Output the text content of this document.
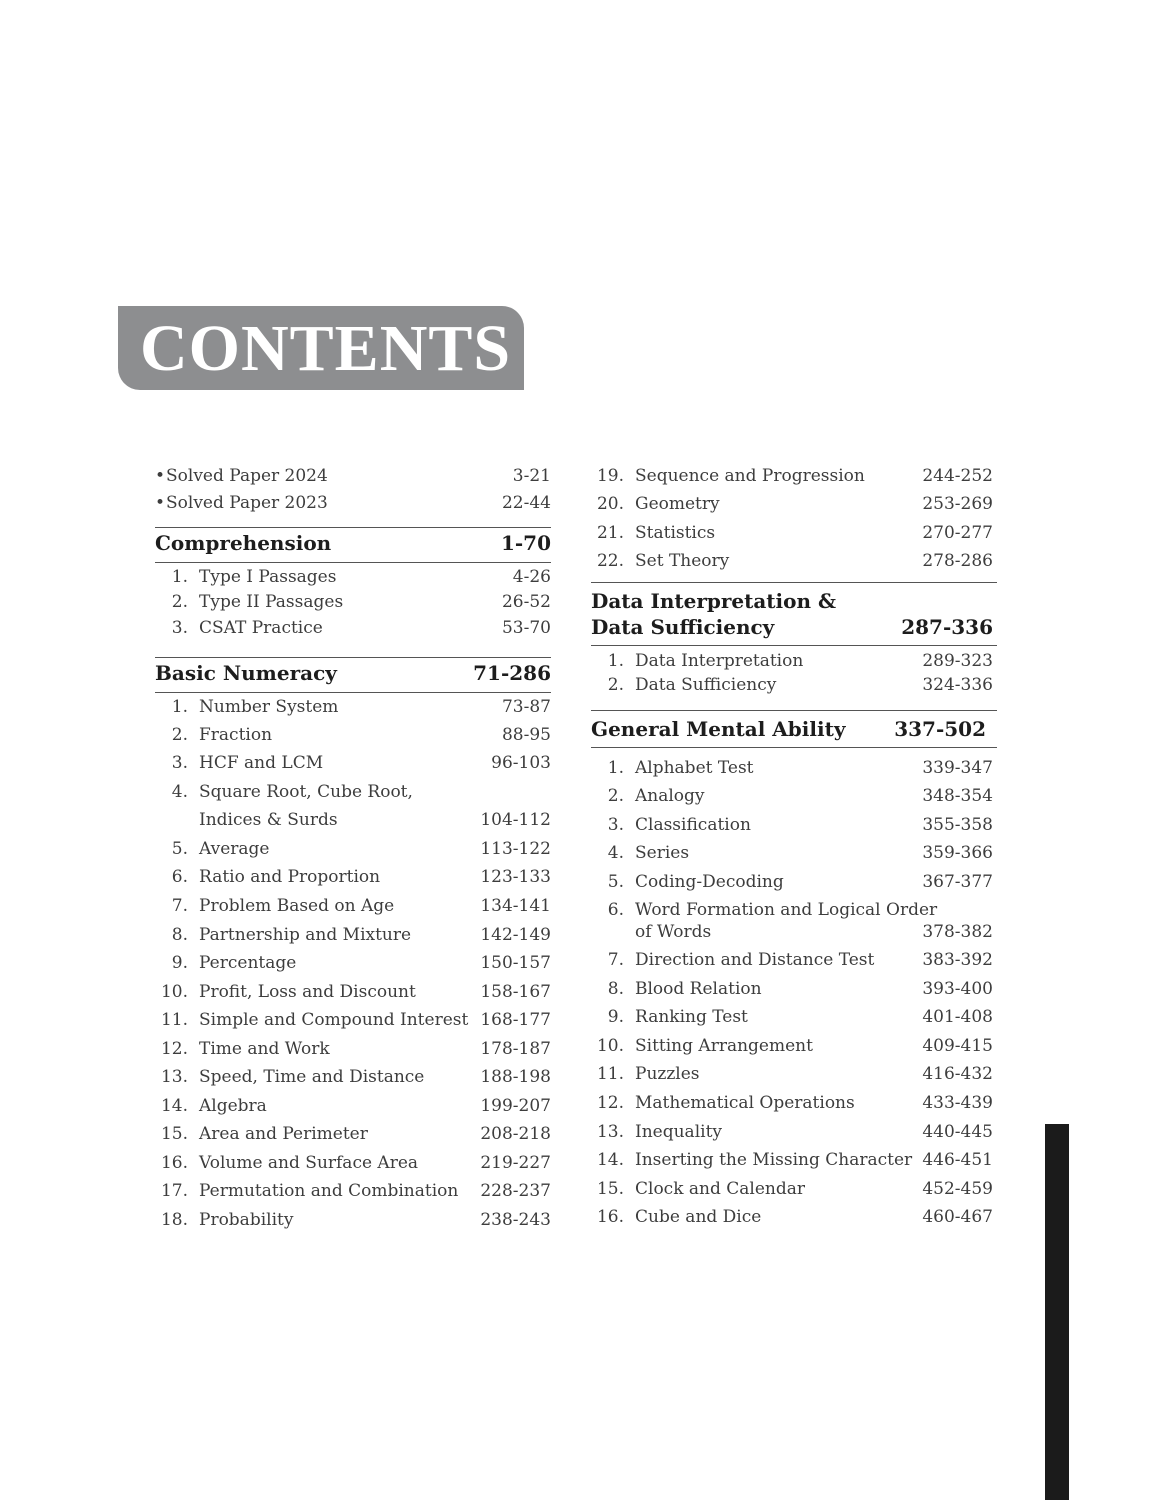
CONTENTS
• Solved Paper 2024	3-21
• Solved Paper 2023	22-44
Comprehension	1-70
1. Type I Passages	4-26
2. Type II Passages	26-52
3. CSAT Practice	53-70
Basic Numeracy	71-286
1. Number System	73-87
2. Fraction	88-95
3. HCF and LCM	96-103
4. Square Root, Cube Root,
Indices & Surds	104-112
5. Average	113-122
6. Ratio and Proportion	123-133
7. Problem Based on Age	134-141
8. Partnership and Mixture	142-149
9. Percentage	150-157
10. Profit, Loss and Discount	158-167
11. Simple and Compound Interest 168-177
12. Time and Work	178-187
13. Speed, Time and Distance	188-198
14. Algebra	199-207
15. Area and Perimeter	208-218
16. Volume and Surface Area	219-227
17. Permutation and Combination 228-237
18. Probability	238-243
19. Sequence and Progression	244-252
20. Geometry	253-269
21. Statistics	270-277
22. Set Theory	278-286
Data Interpretation &
Data Sufficiency	287-336
1. Data Interpretation	289-323
2. Data Sufficiency	324-336
General Mental Ability 337-502
1. Alphabet Test	339-347
2. Analogy	348-354
3. Classification	355-358
4. Series	359-366
5. Coding-Decoding	367-377
6. Word Formation and Logical Order
of Words	378-382
7. Direction and Distance Test	383-392
8. Blood Relation	393-400
9. Ranking Test	401-408
10. Sitting Arrangement	409-415
11. Puzzles	416-432
12. Mathematical Operations	433-439
13. Inequality	440-445
14. Inserting the Missing Character 446-451
15. Clock and Calendar	452-459
16. Cube and Dice	460-467
